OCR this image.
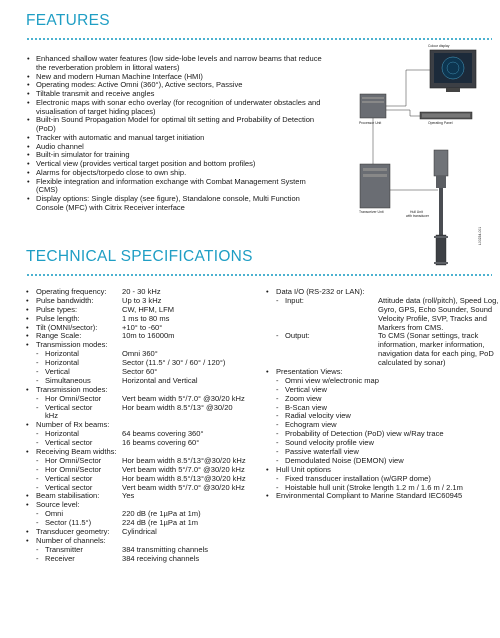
FEATURES
• Enhanced shallow water features (low side-lobe levels and narrow beams that reduce the reverberation problem in littoral waters)
• New and modern Human Machine Interface (HMI)
• Operating modes: Active Omni (360°), Active sectors, Passive
• Tiltable transmit and receive angles
• Electronic maps with sonar echo overlay (for recognition of underwater obstacles and visualisation of target hiding places)
• Built-in Sound Propagation Model for optimal tilt setting and Probability of Detection (PoD)
• Tracker with automatic and manual target initiation
• Audio channel
• Built-in simulator for training
• Vertical view (provides vertical target position and bottom profiles)
• Alarms for objects/torpedo close to own ship.
• Flexible integration and information exchange with Combat Management System (CMS)
• Display options: Single display (see figure), Standalone console, Multi Function Console (MFC) with Citrix Receiver interface
Colour display
Processor Unit	Operating Panel
Transceiver Unit	Hull Unit
with transducer
L00234-001
TECHNICAL SPECIFICATIONS
• Operating frequency: 20 - 30 kHz
• Pulse bandwidth:	Up to 3 kHz
• Pulse types:	CW, HFM, LFM
• Pulse length:	1 ms to 80 ms
• Tilt (OMNI/sector):	+10° to -60°
• Range Scale:	10m to 16000m
• Transmission modes:
- Horizontal	Omni 360°
- Horizontal	Sector (11.5° / 30° / 60° / 120°)
- Vertical	Sector 60°
- Simultaneous	Horizontal and Vertical
• Transmission modes:
- Hor Omni/Sector	Vert beam width 5°/7.0° @30/20 kHz
- Vertical sector	Hor beam width 8.5°/13° @30/20
kHz
• Number of Rx beams:
- Horizontal	64 beams covering 360°
- Vertical sector	16 beams covering 60°
• Receiving Beam widths:
- Hor Omni/Sector	Hor beam width 8.5°/13°@30/20 kHz
- Hor Omni/Sector	Vert beam width 5°/7.0° @30/20 kHz
- Vertical sector	Hor beam width 8.5°/13°@30/20 kHz
- Vertical sector	Vert beam width 5°/7.0° @30/20 kHz
• Beam stabilisation:	Yes
• Source level:
- Omni	220 dB (re 1µPa at 1m)
- Sector (11.5°)	224 dB (re 1µPa at 1m
• Transducer geometry: Cylindrical
• Number of channels:
- Transmitter	384 transmitting channels
- Receiver	384 receiving channels
• Data I/O (RS-232 or LAN):
- Input:	Attitude data (roll/pitch), Speed Log,
Gyro, GPS, Echo Sounder, Sound
Velocity Profile, SVP, Tracks and
Markers from CMS.
- Output:	To CMS (Sonar settings, track
information, marker information,
navigation data for each ping, PoD
calculated by sonar)
• Presentation Views:
- Omni view w/electronic map
- Vertical view
- Zoom view
- B-Scan view
- Radial velocity view
- Echogram view
- Probability of Detection (PoD) view w/Ray trace
- Sound velocity profile view
- Passive waterfall view
- Demodulated Noise (DEMON) view
• Hull Unit options
- Fixed transducer installation (w/GRP dome)
- Hoistable hull unit (Stroke length 1.2 m / 1.6 m / 2.1m
• Environmental Compliant to Marine Standard IEC60945
